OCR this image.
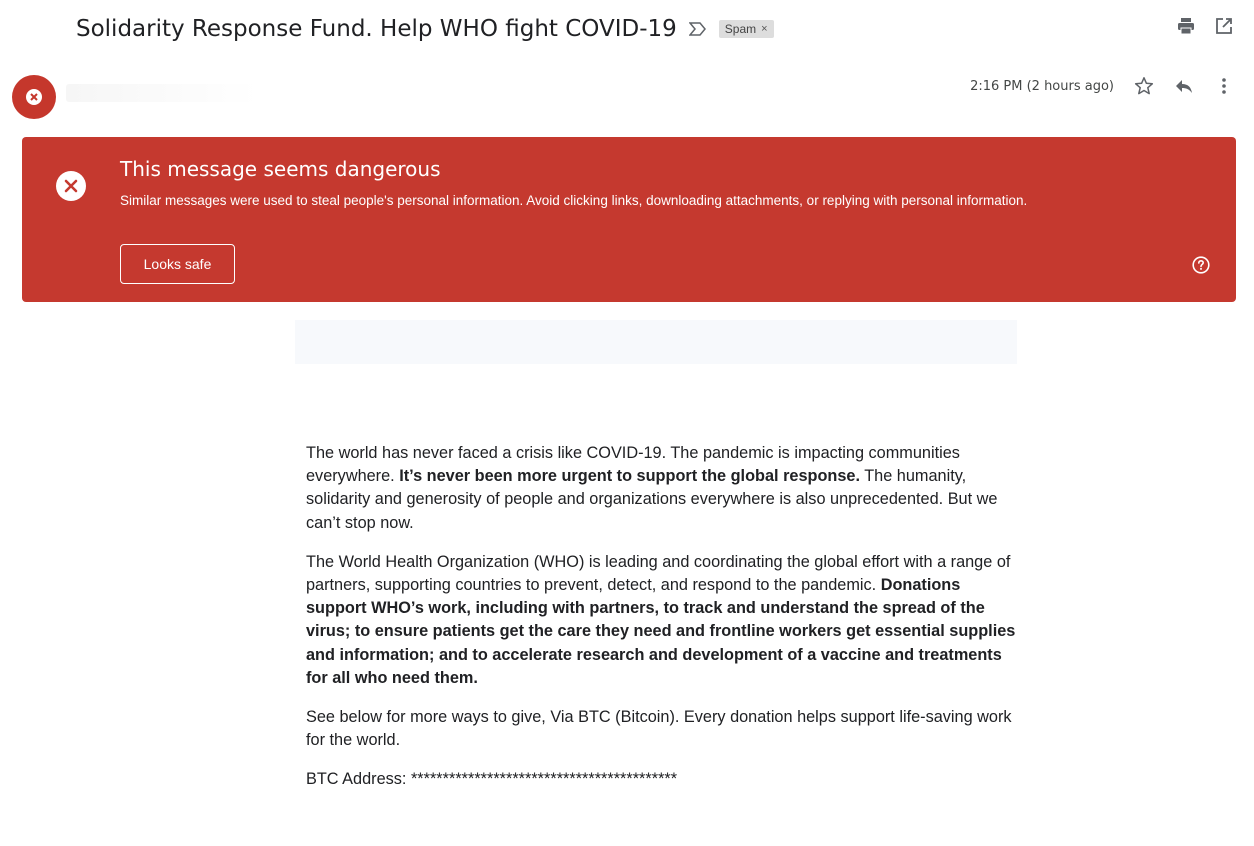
Solidarity Response Fund. Help WHO fight COVID-19	Spam ×
2:16 PM (2 hours ago)
This message seems dangerous
Similar messages were used to steal people's personal information. Avoid clicking links, downloading attachments, or replying with personal information.
Looks safe

The world has never faced a crisis like COVID-19. The pandemic is impacting communities everywhere. It’s never been more urgent to support the global response. The humanity, solidarity and generosity of people and organizations everywhere is also unprecedented. But we can’t stop now.

The World Health Organization (WHO) is leading and coordinating the global effort with a range of partners, supporting countries to prevent, detect, and respond to the pandemic. Donations support WHO’s work, including with partners, to track and understand the spread of the virus; to ensure patients get the care they need and frontline workers get essential supplies and information; and to accelerate research and development of a vaccine and treatments for all who need them.

See below for more ways to give, Via BTC (Bitcoin). Every donation helps support life-saving work for the world.

BTC Address: ******************************************
